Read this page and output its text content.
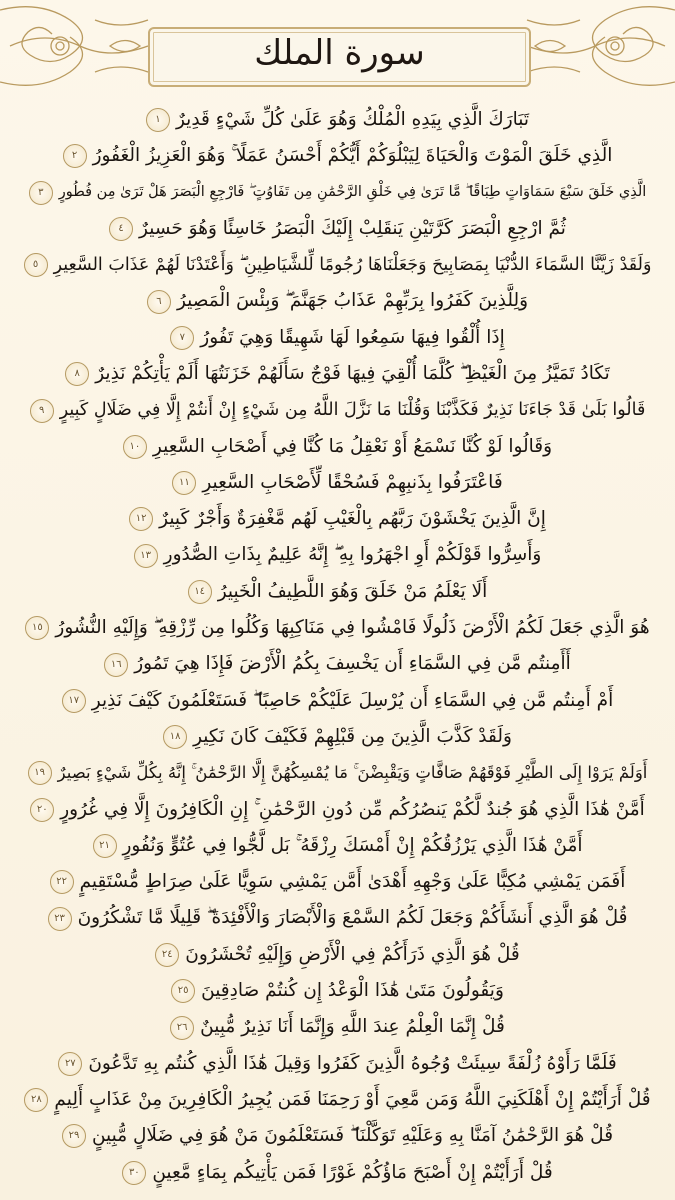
سورة الملك
تَبَارَكَ الَّذِي بِيَدِهِ الْمُلْكُ وَهُوَ عَلَىٰ كُلِّ شَيْءٍ قَدِيرٌ
١
الَّذِي خَلَقَ الْمَوْتَ وَالْحَيَاةَ لِيَبْلُوَكُمْ أَيُّكُمْ أَحْسَنُ عَمَلًا ۚ وَهُوَ الْعَزِيزُ الْغَفُورُ
٢
الَّذِي خَلَقَ سَبْعَ سَمَاوَاتٍ طِبَاقًا ۖ مَّا تَرَىٰ فِي خَلْقِ الرَّحْمَٰنِ مِن تَفَاوُتٍ ۖ فَارْجِعِ الْبَصَرَ هَلْ تَرَىٰ مِن فُطُورٍ
٣
ثُمَّ ارْجِعِ الْبَصَرَ كَرَّتَيْنِ يَنقَلِبْ إِلَيْكَ الْبَصَرُ خَاسِئًا وَهُوَ حَسِيرٌ
٤
وَلَقَدْ زَيَّنَّا السَّمَاءَ الدُّنْيَا بِمَصَابِيحَ وَجَعَلْنَاهَا رُجُومًا لِّلشَّيَاطِينِ ۖ وَأَعْتَدْنَا لَهُمْ عَذَابَ السَّعِيرِ
٥
وَلِلَّذِينَ كَفَرُوا بِرَبِّهِمْ عَذَابُ جَهَنَّمَ ۖ وَبِئْسَ الْمَصِيرُ
٦
إِذَا أُلْقُوا فِيهَا سَمِعُوا لَهَا شَهِيقًا وَهِيَ تَفُورُ
٧
تَكَادُ تَمَيَّزُ مِنَ الْغَيْظِ ۖ كُلَّمَا أُلْقِيَ فِيهَا فَوْجٌ سَأَلَهُمْ خَزَنَتُهَا أَلَمْ يَأْتِكُمْ نَذِيرٌ
٨
قَالُوا بَلَىٰ قَدْ جَاءَنَا نَذِيرٌ فَكَذَّبْنَا وَقُلْنَا مَا نَزَّلَ اللَّهُ مِن شَيْءٍ إِنْ أَنتُمْ إِلَّا فِي ضَلَالٍ كَبِيرٍ
٩
وَقَالُوا لَوْ كُنَّا نَسْمَعُ أَوْ نَعْقِلُ مَا كُنَّا فِي أَصْحَابِ السَّعِيرِ
١٠
فَاعْتَرَفُوا بِذَنبِهِمْ فَسُحْقًا لِّأَصْحَابِ السَّعِيرِ
١١
إِنَّ الَّذِينَ يَخْشَوْنَ رَبَّهُم بِالْغَيْبِ لَهُم مَّغْفِرَةٌ وَأَجْرٌ كَبِيرٌ
١٢
وَأَسِرُّوا قَوْلَكُمْ أَوِ اجْهَرُوا بِهِ ۖ إِنَّهُ عَلِيمٌ بِذَاتِ الصُّدُورِ
١٣
أَلَا يَعْلَمُ مَنْ خَلَقَ وَهُوَ اللَّطِيفُ الْخَبِيرُ
١٤
هُوَ الَّذِي جَعَلَ لَكُمُ الْأَرْضَ ذَلُولًا فَامْشُوا فِي مَنَاكِبِهَا وَكُلُوا مِن رِّزْقِهِ ۖ وَإِلَيْهِ النُّشُورُ
١٥
أَأَمِنتُم مَّن فِي السَّمَاءِ أَن يَخْسِفَ بِكُمُ الْأَرْضَ فَإِذَا هِيَ تَمُورُ
١٦
أَمْ أَمِنتُم مَّن فِي السَّمَاءِ أَن يُرْسِلَ عَلَيْكُمْ حَاصِبًا ۖ فَسَتَعْلَمُونَ كَيْفَ نَذِيرِ
١٧
وَلَقَدْ كَذَّبَ الَّذِينَ مِن قَبْلِهِمْ فَكَيْفَ كَانَ نَكِيرِ
١٨
أَوَلَمْ يَرَوْا إِلَى الطَّيْرِ فَوْقَهُمْ صَافَّاتٍ وَيَقْبِضْنَ ۚ مَا يُمْسِكُهُنَّ إِلَّا الرَّحْمَٰنُ ۚ إِنَّهُ بِكُلِّ شَيْءٍ بَصِيرٌ
١٩
أَمَّنْ هَٰذَا الَّذِي هُوَ جُندٌ لَّكُمْ يَنصُرُكُم مِّن دُونِ الرَّحْمَٰنِ ۚ إِنِ الْكَافِرُونَ إِلَّا فِي غُرُورٍ
٢٠
أَمَّنْ هَٰذَا الَّذِي يَرْزُقُكُمْ إِنْ أَمْسَكَ رِزْقَهُ ۚ بَل لَّجُّوا فِي عُتُوٍّ وَنُفُورٍ
٢١
أَفَمَن يَمْشِي مُكِبًّا عَلَىٰ وَجْهِهِ أَهْدَىٰ أَمَّن يَمْشِي سَوِيًّا عَلَىٰ صِرَاطٍ مُّسْتَقِيمٍ
٢٢
قُلْ هُوَ الَّذِي أَنشَأَكُمْ وَجَعَلَ لَكُمُ السَّمْعَ وَالْأَبْصَارَ وَالْأَفْئِدَةَ ۖ قَلِيلًا مَّا تَشْكُرُونَ
٢٣
قُلْ هُوَ الَّذِي ذَرَأَكُمْ فِي الْأَرْضِ وَإِلَيْهِ تُحْشَرُونَ
٢٤
وَيَقُولُونَ مَتَىٰ هَٰذَا الْوَعْدُ إِن كُنتُمْ صَادِقِينَ
٢٥
قُلْ إِنَّمَا الْعِلْمُ عِندَ اللَّهِ وَإِنَّمَا أَنَا نَذِيرٌ مُّبِينٌ
٢٦
فَلَمَّا رَأَوْهُ زُلْفَةً سِيئَتْ وُجُوهُ الَّذِينَ كَفَرُوا وَقِيلَ هَٰذَا الَّذِي كُنتُم بِهِ تَدَّعُونَ
٢٧
قُلْ أَرَأَيْتُمْ إِنْ أَهْلَكَنِيَ اللَّهُ وَمَن مَّعِيَ أَوْ رَحِمَنَا فَمَن يُجِيرُ الْكَافِرِينَ مِنْ عَذَابٍ أَلِيمٍ
٢٨
قُلْ هُوَ الرَّحْمَٰنُ آمَنَّا بِهِ وَعَلَيْهِ تَوَكَّلْنَا ۖ فَسَتَعْلَمُونَ مَنْ هُوَ فِي ضَلَالٍ مُّبِينٍ
٢٩
قُلْ أَرَأَيْتُمْ إِنْ أَصْبَحَ مَاؤُكُمْ غَوْرًا فَمَن يَأْتِيكُم بِمَاءٍ مَّعِينٍ
٣٠
